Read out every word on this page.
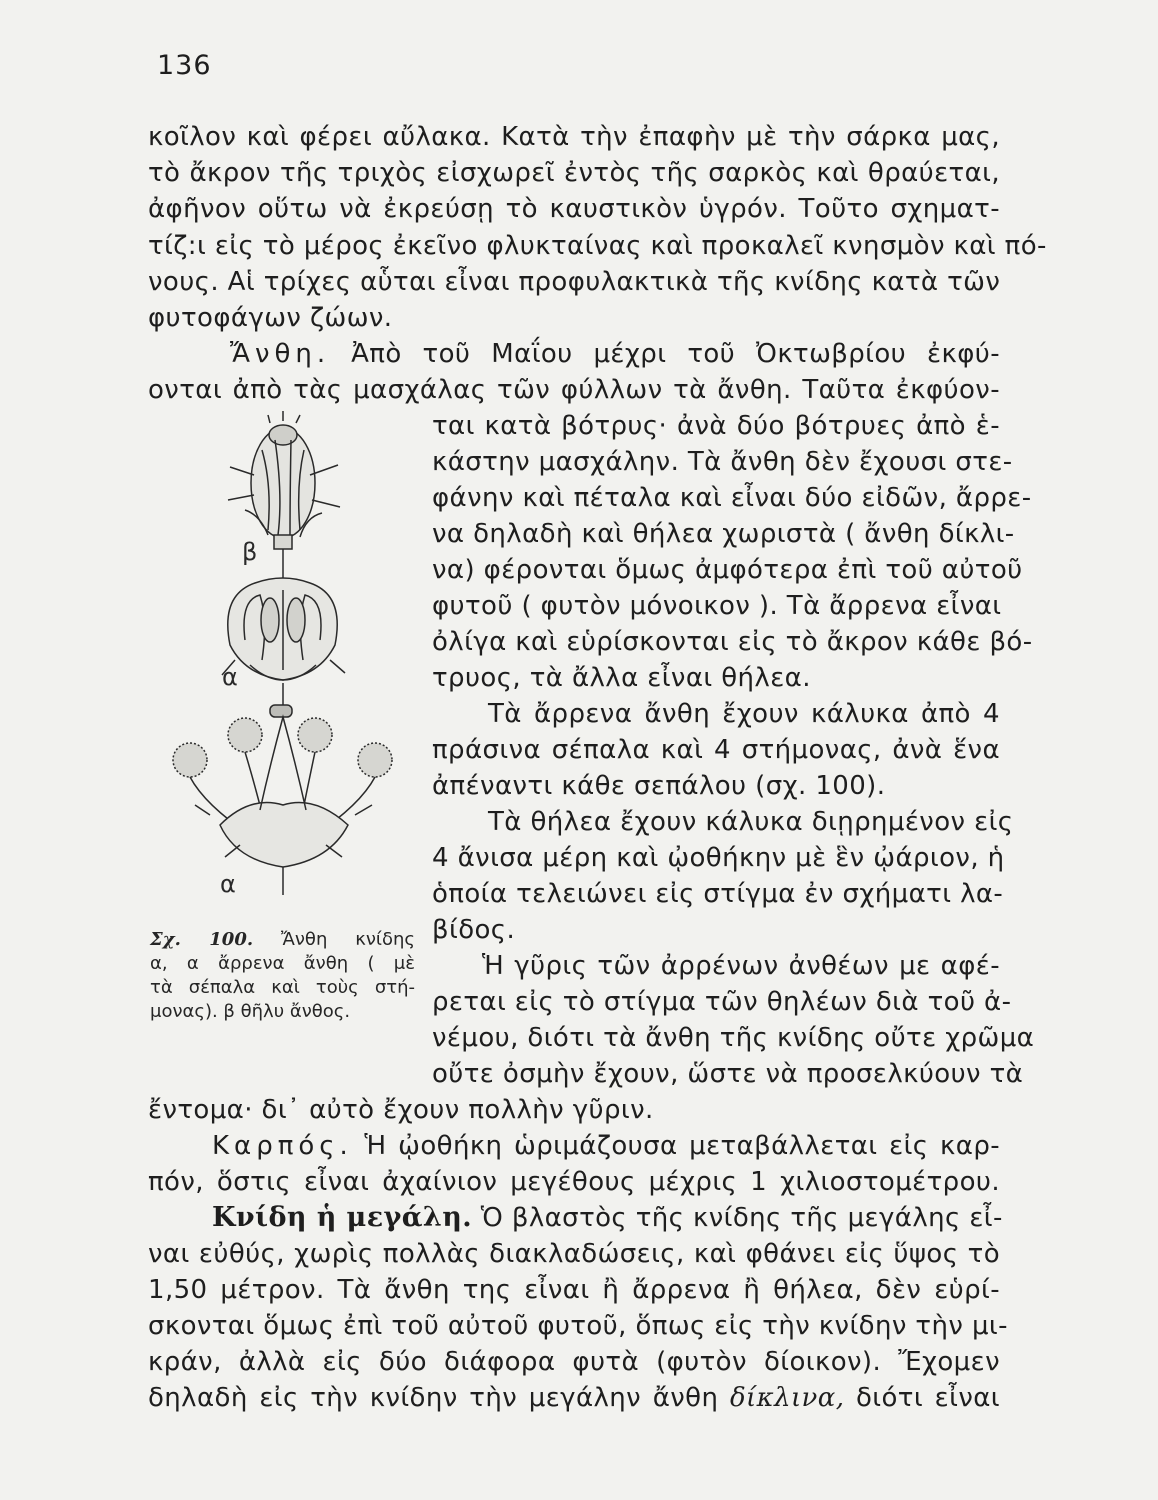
136
κοῖλον καὶ φέρει αὔλακα. Κατὰ τὴν ἐπαφὴν μὲ τὴν σάρκα μας,
τὸ ἄκρον τῆς τριχὸς εἰσχωρεῖ ἐντὸς τῆς σαρκὸς καὶ θραύεται,
ἀφῆνον οὕτω νὰ ἐκρεύσῃ τὸ καυστικὸν ὑγρόν. Τοῦτο σχηματ-
τίζ:ι εἰς τὸ μέρος ἐκεῖνο φλυκταίνας καὶ προκαλεῖ κνησμὸν καὶ πό-
νους. Αἱ τρίχες αὗται εἶναι προφυλακτικὰ τῆς κνίδης κατὰ τῶν
φυτοφάγων ζώων.
Ἄνθη. Ἀπὸ τοῦ Μαΐου μέχρι τοῦ Ὀκτωβρίου ἐκφύ-
ονται ἀπὸ τὰς μασχάλας τῶν φύλλων τὰ ἄνθη. Ταῦτα ἐκφύον-
ται κατὰ βότρυς· ἀνὰ δύο βότρυες ἀπὸ ἑ-
κάστην μασχάλην. Τὰ ἄνθη δὲν ἔχουσι στε-
φάνην καὶ πέταλα καὶ εἶναι δύο εἰδῶν, ἄρρε-
να δηλαδὴ καὶ θήλεα χωριστὰ ( ἄνθη δίκλι-
να) φέρονται ὅμως ἀμφότερα ἐπὶ τοῦ αὐτοῦ
φυτοῦ ( φυτὸν μόνοικον ). Τὰ ἄρρενα εἶναι
ὀλίγα καὶ εὑρίσκονται εἰς τὸ ἄκρον κάθε βό-
τρυος, τὰ ἄλλα εἶναι θήλεα.
Τὰ ἄρρενα ἄνθη ἔχουν κάλυκα ἀπὸ 4
πράσινα σέπαλα καὶ 4 στήμονας, ἀνὰ ἕνα
ἀπέναντι κάθε σεπάλου (σχ. 100).
Τὰ θήλεα ἔχουν κάλυκα διῃρημένον εἰς
4 ἄνισα μέρη καὶ ᾠοθήκην μὲ ἓν ᾠάριον, ἡ
ὁποία τελειώνει εἰς στίγμα ἐν σχήματι λα-
βίδος.
Ἡ γῦρις τῶν ἀρρένων ἀνθέων με αφέ-
ρεται εἰς τὸ στίγμα τῶν θηλέων διὰ τοῦ ἀ-
νέμου, διότι τὰ ἄνθη τῆς κνίδης οὔτε χρῶμα
οὔτε ὀσμὴν ἔχουν, ὥστε νὰ προσελκύουν τὰ
ἔντομα· δι᾽ αὐτὸ ἔχουν πολλὴν γῦριν.
Καρπός. Ἡ ᾠοθήκη ὡριμάζουσα μεταβάλλεται εἰς καρ-
πόν, ὅστις εἶναι ἀχαίνιον μεγέθους μέχρις 1 χιλιοστομέτρου.
Κνίδη ἡ μεγάλη. Ὁ βλαστὸς τῆς κνίδης τῆς μεγάλης εἶ-
ναι εὐθύς, χωρὶς πολλὰς διακλαδώσεις, καὶ φθάνει εἰς ὕψος τὸ
1,50 μέτρον. Τὰ ἄνθη της εἶναι ἢ ἄρρενα ἢ θήλεα, δὲν εὑρί-
σκονται ὅμως ἐπὶ τοῦ αὐτοῦ φυτοῦ, ὅπως εἰς τὴν κνίδην τὴν μι-
κράν, ἀλλὰ εἰς δύο διάφορα φυτὰ (φυτὸν δίοικον). Ἔχομεν
δηλαδὴ εἰς τὴν κνίδην τὴν μεγάλην ἄνθη δίκλινα, διότι εἶναι
β
α
α
Σχ. 100. Ἄνθη κνίδης
α, α ἄρρενα ἄνθη ( μὲ
τὰ σέπαλα καὶ τοὺς στή-
μονας). β θῆλυ ἄνθος.
